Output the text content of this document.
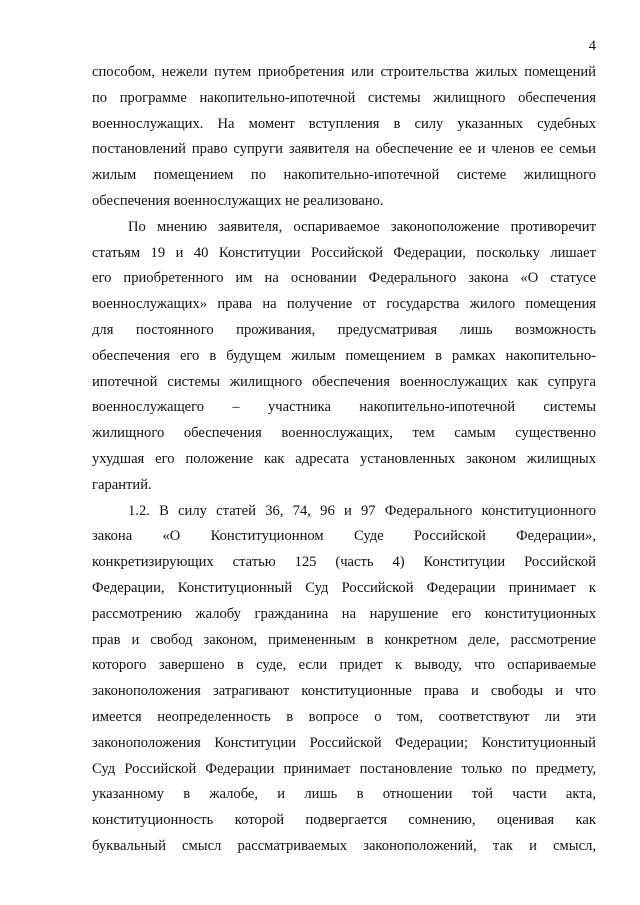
4
способом, нежели путем приобретения или строительства жилых помещений
по программе накопительно-ипотечной системы жилищного обеспечения
военнослужащих. На момент вступления в силу указанных судебных
постановлений право супруги заявителя на обеспечение ее и членов ее семьи
жилым помещением по накопительно-ипотечной системе жилищного
обеспечения военнослужащих не реализовано.
По мнению заявителя, оспариваемое законоположение противоречит
статьям 19 и 40 Конституции Российской Федерации, поскольку лишает
его приобретенного им на основании Федерального закона «О статусе
военнослужащих» права на получение от государства жилого помещения
для постоянного проживания, предусматривая лишь возможность
обеспечения его в будущем жилым помещением в рамках накопительно-
ипотечной системы жилищного обеспечения военнослужащих как супруга
военнослужащего – участника накопительно-ипотечной системы
жилищного обеспечения военнослужащих, тем самым существенно
ухудшая его положение как адресата установленных законом жилищных
гарантий.
1.2. В силу статей 36, 74, 96 и 97 Федерального конституционного
закона «О Конституционном Суде Российской Федерации»,
конкретизирующих статью 125 (часть 4) Конституции Российской
Федерации, Конституционный Суд Российской Федерации принимает к
рассмотрению жалобу гражданина на нарушение его конституционных
прав и свобод законом, примененным в конкретном деле, рассмотрение
которого завершено в суде, если придет к выводу, что оспариваемые
законоположения затрагивают конституционные права и свободы и что
имеется неопределенность в вопросе о том, соответствуют ли эти
законоположения Конституции Российской Федерации; Конституционный
Суд Российской Федерации принимает постановление только по предмету,
указанному в жалобе, и лишь в отношении той части акта,
конституционность которой подвергается сомнению, оценивая как
буквальный смысл рассматриваемых законоположений, так и смысл,
